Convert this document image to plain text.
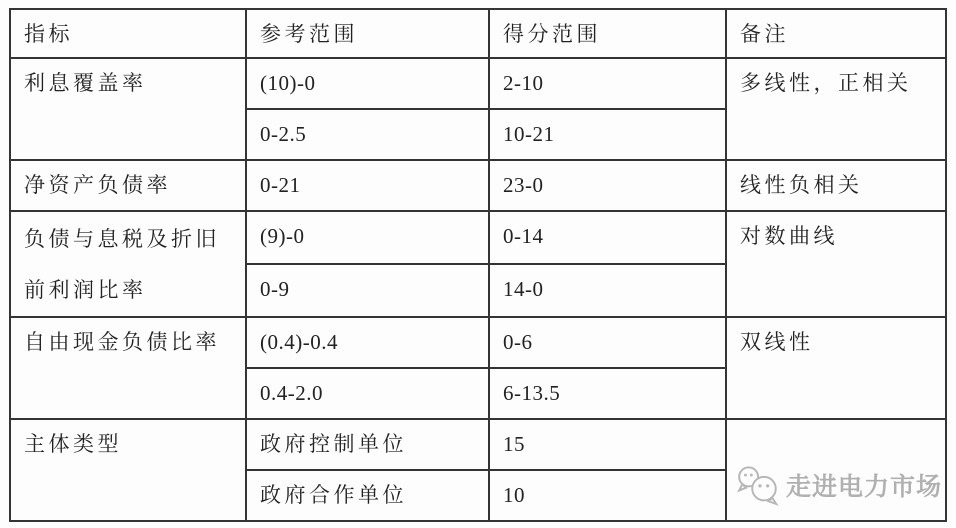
指标	参考范围	得分范围	备注
利息覆盖率	(10)-0	2-10	多线性，正相关
	0-2.5	10-21	
净资产负债率	0-21	23-0	线性负相关
负债与息税及折旧前利润比率	(9)-0	0-14	对数曲线
	0-9	14-0	
自由现金负债比率	(0.4)-0.4	0-6	双线性
	0.4-2.0	6-13.5	
主体类型	政府控制单位	15	
	政府合作单位	10		走进电力市场
